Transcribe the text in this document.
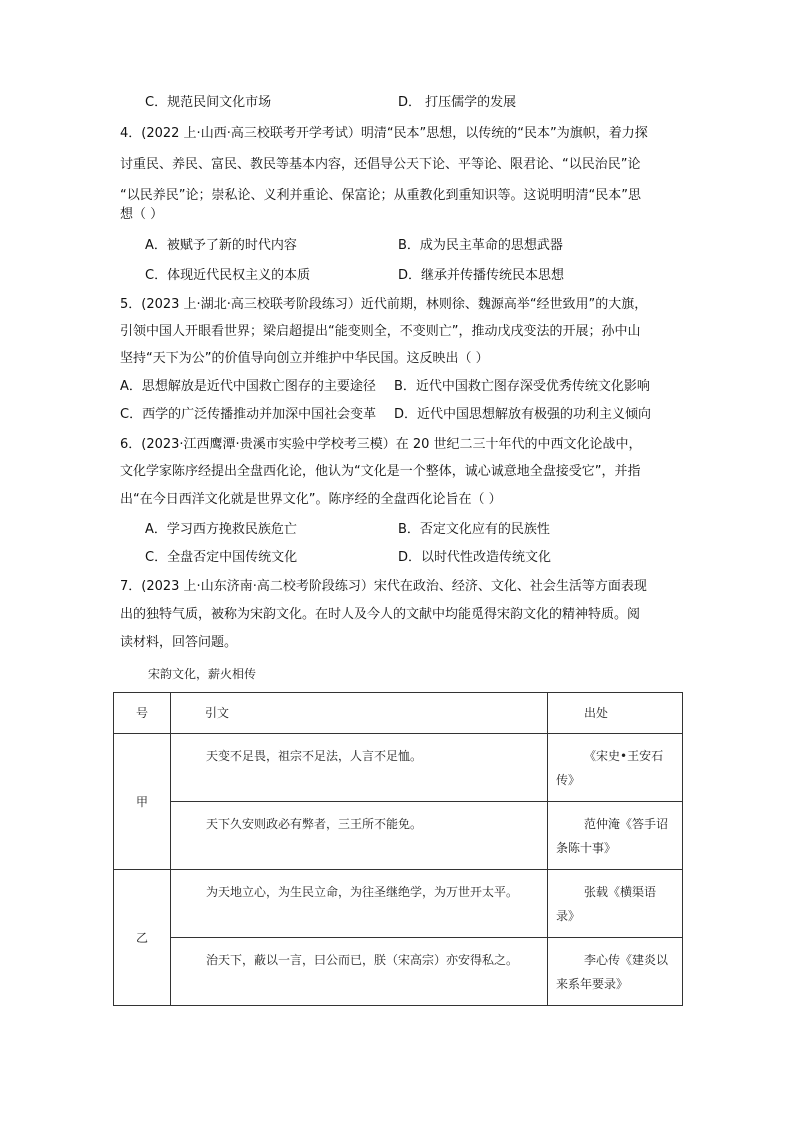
C．规范民间文化市场	D． 打压儒学的发展
4．(2022 上·山西·高三校联考开学考试）明清“民本”思想，以传统的“民本”为旗帜，着力探
讨重民、养民、富民、教民等基本内容，还倡导公天下论、平等论、限君论、“以民治民”论
“以民养民”论；崇私论、义利并重论、保富论；从重教化到重知识等。这说明明清“民本”思
想（ ）
A．被赋予了新的时代内容	B．成为民主革命的思想武器
C．体现近代民权主义的本质	D．继承并传播传统民本思想
5．(2023 上·湖北·高三校联考阶段练习）近代前期，林则徐、魏源高举“经世致用”的大旗，
引领中国人开眼看世界；梁启超提出“能变则全，不变则亡”，推动戊戌变法的开展；孙中山
坚持“天下为公”的价值导向创立并维护中华民国。这反映出（ ）
A．思想解放是近代中国救亡图存的主要途径 B．近代中国救亡图存深受优秀传统文化影响
C．西学的广泛传播推动并加深中国社会变革 D．近代中国思想解放有极强的功利主义倾向
6．(2023·江西鹰潭·贵溪市实验中学校考三模）在 20 世纪二三十年代的中西文化论战中，
文化学家陈序经提出全盘西化论，他认为“文化是一个整体，诚心诚意地全盘接受它”，并指
出“在今日西洋文化就是世界文化”。陈序经的全盘西化论旨在（ ）
A．学习西方挽救民族危亡	B．否定文化应有的民族性
C．全盘否定中国传统文化	D．以时代性改造传统文化
7．(2023 上·山东济南·高二校考阶段练习）宋代在政治、经济、文化、社会生活等方面表现
出的独特气质，被称为宋韵文化。在时人及今人的文献中均能觅得宋韵文化的精神特质。阅
读材料，回答问题。
宋韵文化，薪火相传
号	引文	出处

甲	天变不足畏，祖宗不足法，人言不足恤。	《宋史•王安石传》

	天下久安则政必有弊者，三王所不能免。	范仲淹《答手诏条陈十事》

乙	为天地立心，为生民立命，为往圣继绝学，为万世开太平。	张载《横渠语录》

	治天下，蔽以一言，曰公而已，朕（宋高宗）亦安得私之。	李心传《建炎以来系年要录》
